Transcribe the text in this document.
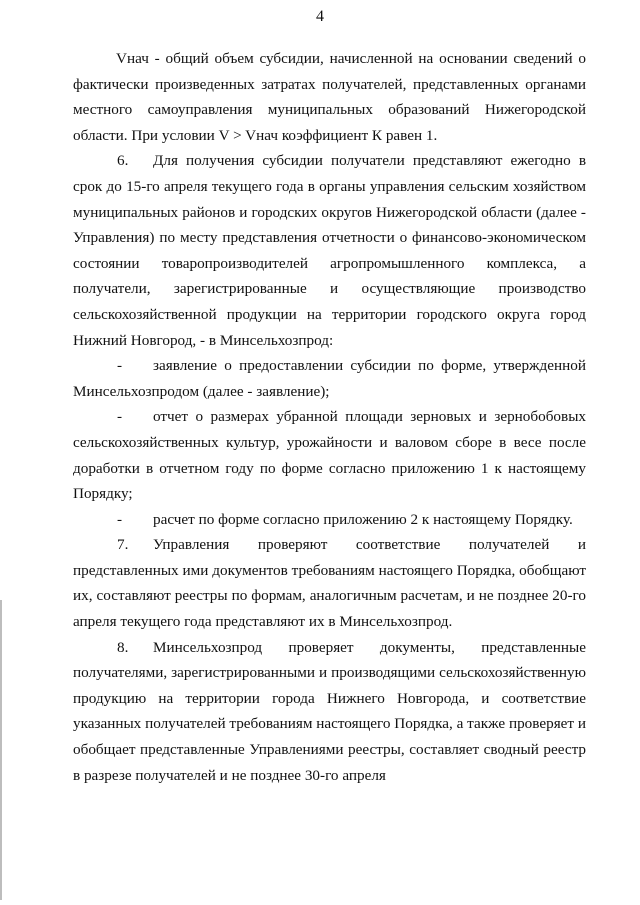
4

Vнач - общий объем субсидии, начисленной на основании сведений о фактически произведенных затратах получателей, представленных органами местного самоуправления муниципальных образований Нижегородской области. При условии V > Vнач коэффициент К равен 1.

6. Для получения субсидии получатели представляют ежегодно в срок до 15-го апреля текущего года в органы управления сельским хозяйством муниципальных районов и городских округов Нижегородской области (далее - Управления) по месту представления отчетности о финансово-экономическом состоянии товаропроизводителей агропромышленного комплекса, а получатели, зарегистрированные и осуществляющие производство сельскохозяйственной продукции на территории городского округа город Нижний Новгород, - в Минсельхозпрод:

- заявление о предоставлении субсидии по форме, утвержденной Минсельхозпродом (далее - заявление);

- отчет о размерах убранной площади зерновых и зернобобовых сельскохозяйственных культур, урожайности и валовом сборе в весе после доработки в отчетном году по форме согласно приложению 1 к настоящему Порядку;

- расчет по форме согласно приложению 2 к настоящему Порядку.

7. Управления проверяют соответствие получателей и представленных ими документов требованиям настоящего Порядка, обобщают их, составляют реестры по формам, аналогичным расчетам, и не позднее 20-го апреля текущего года представляют их в Минсельхозпрод.

8. Минсельхозпрод проверяет документы, представленные получателями, зарегистрированными и производящими сельскохозяйственную продукцию на территории города Нижнего Новгорода, и соответствие указанных получателей требованиям настоящего Порядка, а также проверяет и обобщает представленные Управлениями реестры, составляет сводный реестр в разрезе получателей и не позднее 30-го апреля
